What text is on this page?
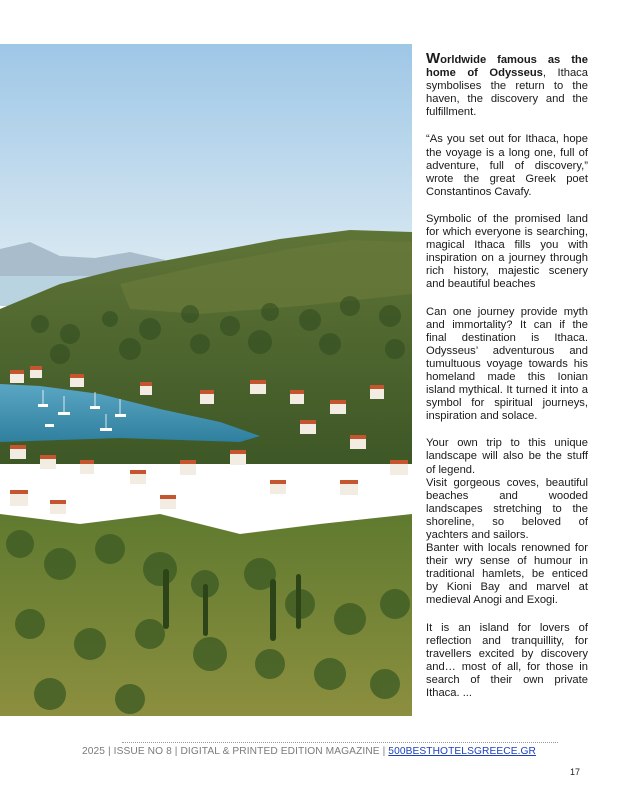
Worldwide famous as the home of Odysseus, Ithaca symbolises the return to the haven, the discovery and the fulfillment.

“As you set out for Ithaca, hope the voyage is a long one, full of adventure, full of discovery,” wrote the great Greek poet Constantinos Cavafy.

Symbolic of the promised land for which everyone is searching, magical Ithaca fills you with inspiration on a journey through rich history, majestic scenery and beautiful beaches

Can one journey provide myth and immortality? It can if the final destination is Ithaca. Odysseus’ adventurous and tumultuous voyage towards his homeland made this Ionian island mythical. It turned it into a symbol for spiritual journeys, inspiration and solace.

Your own trip to this unique landscape will also be the stuff of legend.

Visit gorgeous coves, beautiful beaches and wooded landscapes stretching to the shoreline, so beloved of yachters and sailors.

Banter with locals renowned for their wry sense of humour in traditional hamlets, be enticed by Kioni Bay and marvel at medieval Anogi and Exogi.

It is an island for lovers of reflection and tranquillity, for travellers excited by discovery and… most of all, for those in search of their own private Ithaca. ...

2025 | ISSUE NO 8 | DIGITAL & PRINTED EDITION MAGAZINE | 500BESTHOTELSGREECE.GR
17
